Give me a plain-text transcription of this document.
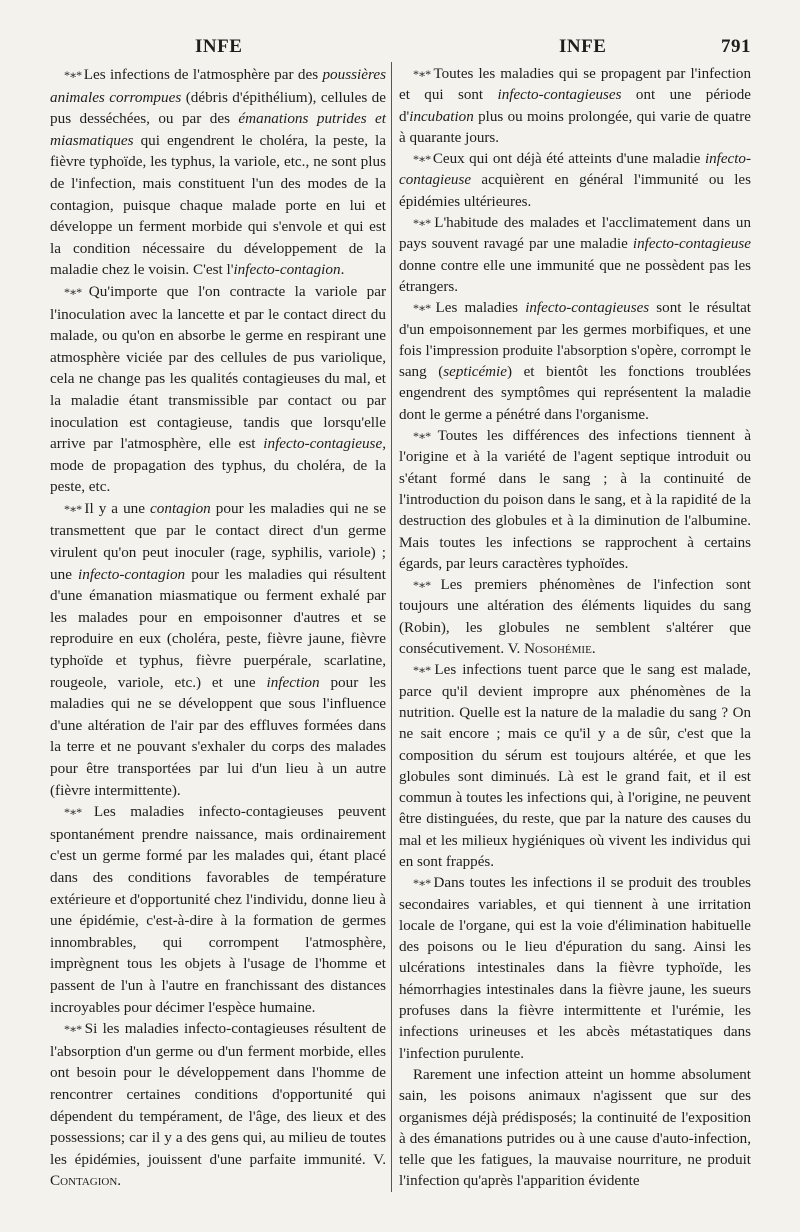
INFE

*∗* Les infections de l'atmosphère par des poussières animales corrompues (débris d'épithélium), cellules de pus desséchées, ou par des émanations putrides et miasmatiques qui engendrent le choléra, la peste, la fièvre typhoïde, les typhus, la variole, etc., ne sont plus de l'infection, mais constituent l'un des modes de la contagion, puisque chaque malade porte en lui et développe un ferment morbide qui s'envole et qui est la condition nécessaire du développement de la maladie chez le voisin. C'est l'infecto-contagion.

*∗* Qu'importe que l'on contracte la variole par l'inoculation avec la lancette et par le contact direct du malade, ou qu'on en absorbe le germe en respirant une atmosphère viciée par des cellules de pus variolique, cela ne change pas les qualités contagieuses du mal, et la maladie étant transmissible par contact ou par inoculation est contagieuse, tandis que lorsqu'elle arrive par l'atmosphère, elle est infecto-contagieuse, mode de propagation des typhus, du choléra, de la peste, etc.

*∗* Il y a une contagion pour les maladies qui ne se transmettent que par le contact direct d'un germe virulent qu'on peut inoculer (rage, syphilis, variole) ; une infecto-contagion pour les maladies qui résultent d'une émanation miasmatique ou ferment exhalé par les malades pour en empoisonner d'autres et se reproduire en eux (choléra, peste, fièvre jaune, fièvre typhoïde et typhus, fièvre puerpérale, scarlatine, rougeole, variole, etc.) et une infection pour les maladies qui ne se développent que sous l'influence d'une altération de l'air par des effluves formées dans la terre et ne pouvant s'exhaler du corps des malades pour être transportées par lui d'un lieu à un autre (fièvre intermittente).

*∗* Les maladies infecto-contagieuses peuvent spontanément prendre naissance, mais ordinairement c'est un germe formé par les malades qui, étant placé dans des conditions favorables de température extérieure et d'opportunité chez l'individu, donne lieu à une épidémie, c'est-à-dire à la formation de germes innombrables, qui corrompent l'atmosphère, imprègnent tous les objets à l'usage de l'homme et passent de l'un à l'autre en franchissant des distances incroyables pour décimer l'espèce humaine.

*∗* Si les maladies infecto-contagieuses résultent de l'absorption d'un germe ou d'un ferment morbide, elles ont besoin pour le développement dans l'homme de rencontrer certaines conditions d'opportunité qui dépendent du tempérament, de l'âge, des lieux et des possessions; car il y a des gens qui, au milieu de toutes les épidémies, jouissent d'une parfaite immunité. V. Contagion.

INFE	791

*∗* Toutes les maladies qui se propagent par l'infection et qui sont infecto-contagieuses ont une période d'incubation plus ou moins prolongée, qui varie de quatre à quarante jours.

*∗* Ceux qui ont déjà été atteints d'une maladie infecto-contagieuse acquièrent en général l'immunité ou les épidémies ultérieures.

*∗* L'habitude des malades et l'acclimatement dans un pays souvent ravagé par une maladie infecto-contagieuse donne contre elle une immunité que ne possèdent pas les étrangers.

*∗* Les maladies infecto-contagieuses sont le résultat d'un empoisonnement par les germes morbifiques, et une fois l'impression produite l'absorption s'opère, corrompt le sang (septicémie) et bientôt les fonctions troublées engendrent des symptômes qui représentent la maladie dont le germe a pénétré dans l'organisme.

*∗* Toutes les différences des infections tiennent à l'origine et à la variété de l'agent septique introduit ou s'étant formé dans le sang ; à la continuité de l'introduction du poison dans le sang, et à la rapidité de la destruction des globules et à la diminution de l'albumine. Mais toutes les infections se rapprochent à certains égards, par leurs caractères typhoïdes.

*∗* Les premiers phénomènes de l'infection sont toujours une altération des éléments liquides du sang (Robin), les globules ne semblent s'altérer que consécutivement. V. Nosohémie.

*∗* Les infections tuent parce que le sang est malade, parce qu'il devient impropre aux phénomènes de la nutrition. Quelle est la nature de la maladie du sang ? On ne sait encore ; mais ce qu'il y a de sûr, c'est que la composition du sérum est toujours altérée, et que les globules sont diminués. Là est le grand fait, et il est commun à toutes les infections qui, à l'origine, ne peuvent être distinguées, du reste, que par la nature des causes du mal et les milieux hygiéniques où vivent les individus qui en sont frappés.

*∗* Dans toutes les infections il se produit des troubles secondaires variables, et qui tiennent à une irritation locale de l'organe, qui est la voie d'élimination habituelle des poisons ou le lieu d'épuration du sang. Ainsi les ulcérations intestinales dans la fièvre typhoïde, les hémorrhagies intestinales dans la fièvre jaune, les sueurs profuses dans la fièvre intermittente et l'urémie, les infections urineuses et les abcès métastatiques dans l'infection purulente.

Rarement une infection atteint un homme absolument sain, les poisons animaux n'agissent que sur des organismes déjà prédisposés; la continuité de l'exposition à des émanations putrides ou à une cause d'auto-infection, telle que les fatigues, la mauvaise nourriture, ne produit l'infection qu'après l'apparition évidente
